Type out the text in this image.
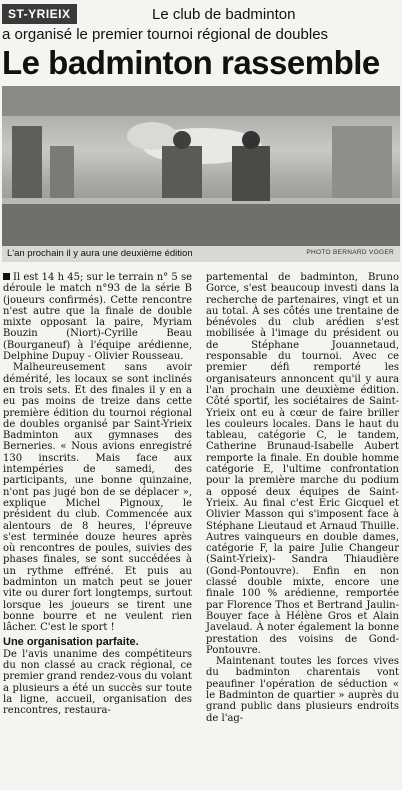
ST-YRIEIX	Le club de badminton
a organisé le premier tournoi régional de doubles
Le badminton rassemble
L'an prochain il y aura une deuxième édition	PHOTO BERNARD VOGER

Il est 14 h 45; sur le terrain n° 5 se déroule le match n°93 de la série B (joueurs confirmés). Cette rencontre n'est autre que la finale de double mixte opposant la paire, Myriam Bouzin (Niort)-Cyrille Beau (Bourganeuf) à l'équipe arédienne, Delphine Dupuy - Olivier Rousseau.

Malheureusement sans avoir démérité, les locaux se sont inclinés en trois sets. Et des finales il y en a eu pas moins de treize dans cette première édition du tournoi régional de doubles organisé par Saint-Yrieix Badminton aux gymnases des Berneries. « Nous avions enregistré 130 inscrits. Mais face aux intempéries de samedi, des participants, une bonne quinzaine, n'ont pas jugé bon de se déplacer », explique Michel Pignoux, le président du club. Commencée aux alentours de 8 heures, l'épreuve s'est terminée douze heures après où rencontres de poules, suivies des phases finales, se sont succédées à un rythme effréné. Et puis au badminton un match peut se jouer vite ou durer fort longtemps, surtout lorsque les joueurs se tirent une bonne bourre et ne veulent rien lâcher. C'est le sport !

Une organisation parfaite.

De l'avis unanime des compétiteurs du non classé au crack régional, ce premier grand rendez-vous du volant a plusieurs a été un succès sur toute la ligne, accueil, organisation des rencontres, restaura-

partemental de badminton, Bruno Gorce, s'est beaucoup investi dans la recherche de partenaires, vingt et un au total. À ses côtés une trentaine de bénévoles du club arédien s'est mobilisée à l'image du président ou de Stéphane Jouannetaud, responsable du tournoi. Avec ce premier défi remporté les organisateurs annoncent qu'il y aura l'an prochain une deuxième édition. Côté sportif, les sociétaires de Saint-Yrieix ont eu à cœur de faire briller les couleurs locales. Dans le haut du tableau, catégorie C, le tandem, Catherine Brunaud-Isabelle Aubert remporte la finale. En double homme catégorie E, l'ultime confrontation pour la première marche du podium a opposé deux équipes de Saint-Yrieix. Au final c'est Eric Gicquel et Olivier Masson qui s'imposent face à Stéphane Lieutaud et Arnaud Thuille. Autres vainqueurs en double dames, catégorie F, la paire Julie Changeur (Saint-Yrieix)- Sandra Thiaudière (Gond-Pontouvre). Enfin en non classé double mixte, encore une finale 100 % arédienne, remportée par Florence Thos et Bertrand Jaulin-Bouyer face à Hélène Gros et Alain Javelaud. À noter également la bonne prestation des voisins de Gond-Pontouvre.

Maintenant toutes les forces vives du badminton charentais vont peaufiner l'opération de séduction « le Badminton de quartier » auprès du grand public dans plusieurs endroits de l'ag-
